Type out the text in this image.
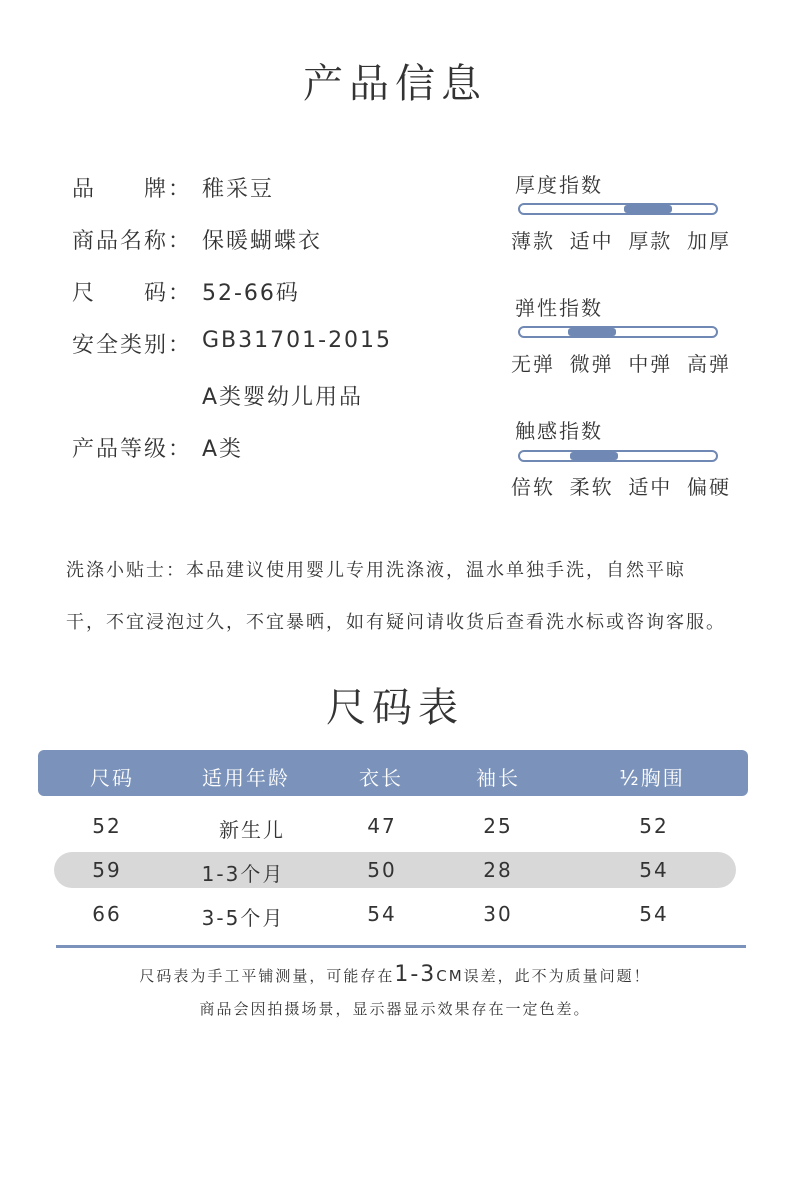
产品信息
品　　牌： 稚采豆
商品名称： 保暖蝴蝶衣
尺　　码： 52-66码
安全类别： GB31701-2015
A类婴幼儿用品
产品等级： A类
厚度指数
薄款 适中 厚款 加厚
弹性指数
无弹 微弹 中弹 高弹
触感指数
倍软 柔软 适中 偏硬
洗涤小贴士：本品建议使用婴儿专用洗涤液，温水单独手洗，自然平晾
干，不宜浸泡过久，不宜暴晒，如有疑问请收货后查看洗水标或咨询客服。
尺码表
尺码	适用年龄	衣长	袖长	½胸围
52	新生儿	47	25	52
59	1-3个月	50	28	54
66	3-5个月	54	30	54
尺码表为手工平铺测量，可能存在1-3CM误差，此不为质量问题！
商品会因拍摄场景，显示器显示效果存在一定色差。
